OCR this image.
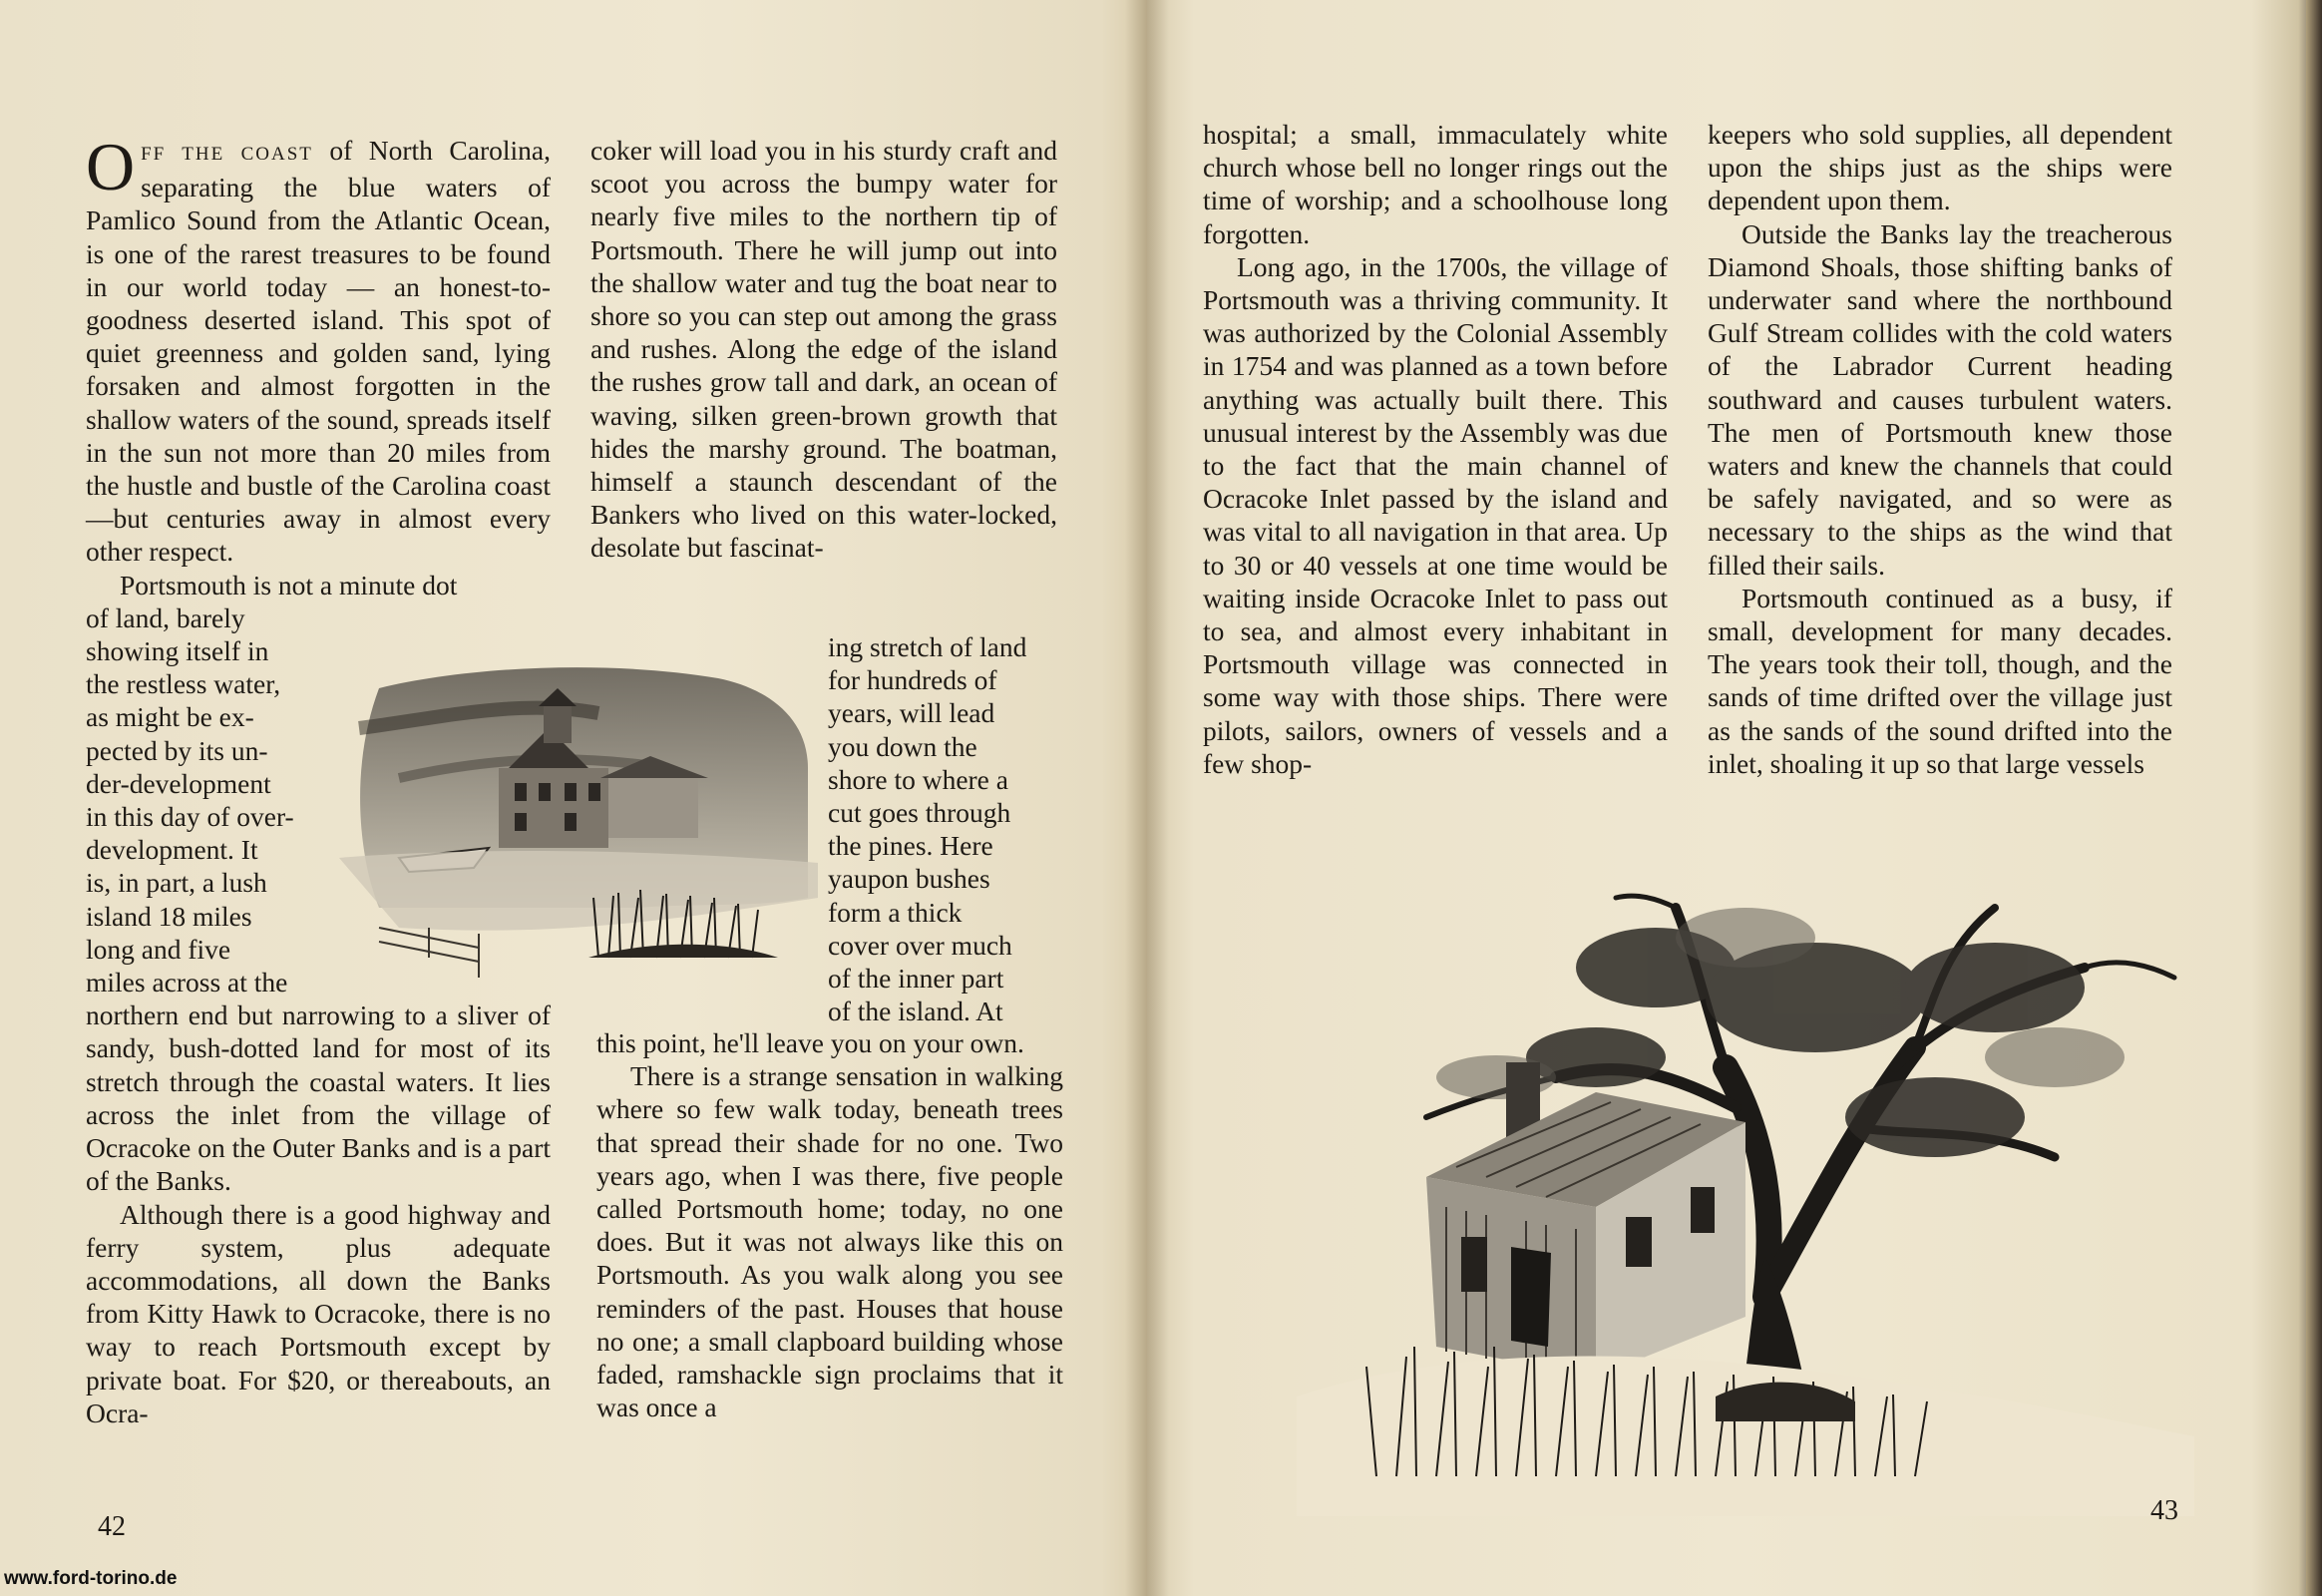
OFF THE COAST of North Carolina, separating the blue waters of Pamlico Sound from the Atlantic Ocean, is one of the rarest treasures to be found in our world today — an honest-to-goodness deserted island. This spot of quiet greenness and golden sand, lying forsaken and almost forgotten in the shallow waters of the sound, spreads itself in the sun not more than 20 miles from the hustle and bustle of the Carolina coast—but centuries away in almost every other respect.

Portsmouth is not a minute dot
of land, barely
showing itself in
the restless water,
as might be ex-
pected by its un-
der-development
in this day of over-
development. It
is, in part, a lush
island 18 miles
long and five
miles across at the

northern end but narrowing to a sliver of sandy, bush-dotted land for most of its stretch through the coastal waters. It lies across the inlet from the village of Ocracoke on the Outer Banks and is a part of the Banks.

Although there is a good highway and ferry system, plus adequate accommodations, all down the Banks from Kitty Hawk to Ocracoke, there is no way to reach Portsmouth except by private boat. For $20, or thereabouts, an Ocra-

coker will load you in his sturdy craft and scoot you across the bumpy water for nearly five miles to the northern tip of Portsmouth. There he will jump out into the shallow water and tug the boat near to shore so you can step out among the grass and rushes. Along the edge of the island the rushes grow tall and dark, an ocean of waving, silken green-brown growth that hides the marshy ground. The boatman, himself a staunch descendant of the Bankers who lived on this water-locked, desolate but fascinat-

ing stretch of land
for hundreds of
years, will lead
you down the
shore to where a
cut goes through
the pines. Here
yaupon bushes
form a thick
cover over much
of the inner part
of the island. At

this point, he'll leave you on your own.

There is a strange sensation in walking where so few walk today, beneath trees that spread their shade for no one. Two years ago, when I was there, five people called Portsmouth home; today, no one does. But it was not always like this on Portsmouth. As you walk along you see reminders of the past. Houses that house no one; a small clapboard building whose faded, ramshackle sign proclaims that it was once a

42
www.ford-torino.de

hospital; a small, immaculately white church whose bell no longer rings out the time of worship; and a schoolhouse long forgotten.

Long ago, in the 1700s, the village of Portsmouth was a thriving community. It was authorized by the Colonial Assembly in 1754 and was planned as a town before anything was actually built there. This unusual interest by the Assembly was due to the fact that the main channel of Ocracoke Inlet passed by the island and was vital to all navigation in that area. Up to 30 or 40 vessels at one time would be waiting inside Ocracoke Inlet to pass out to sea, and almost every inhabitant in Portsmouth village was connected in some way with those ships. There were pilots, sailors, owners of vessels and a few shop-

keepers who sold supplies, all dependent upon the ships just as the ships were dependent upon them.

Outside the Banks lay the treacherous Diamond Shoals, those shifting banks of underwater sand where the northbound Gulf Stream collides with the cold waters of the Labrador Current heading southward and causes turbulent waters. The men of Portsmouth knew those waters and knew the channels that could be safely navigated, and so were as necessary to the ships as the wind that filled their sails.

Portsmouth continued as a busy, if small, development for many decades. The years took their toll, though, and the sands of time drifted over the village just as the sands of the sound drifted into the inlet, shoaling it up so that large vessels

43
